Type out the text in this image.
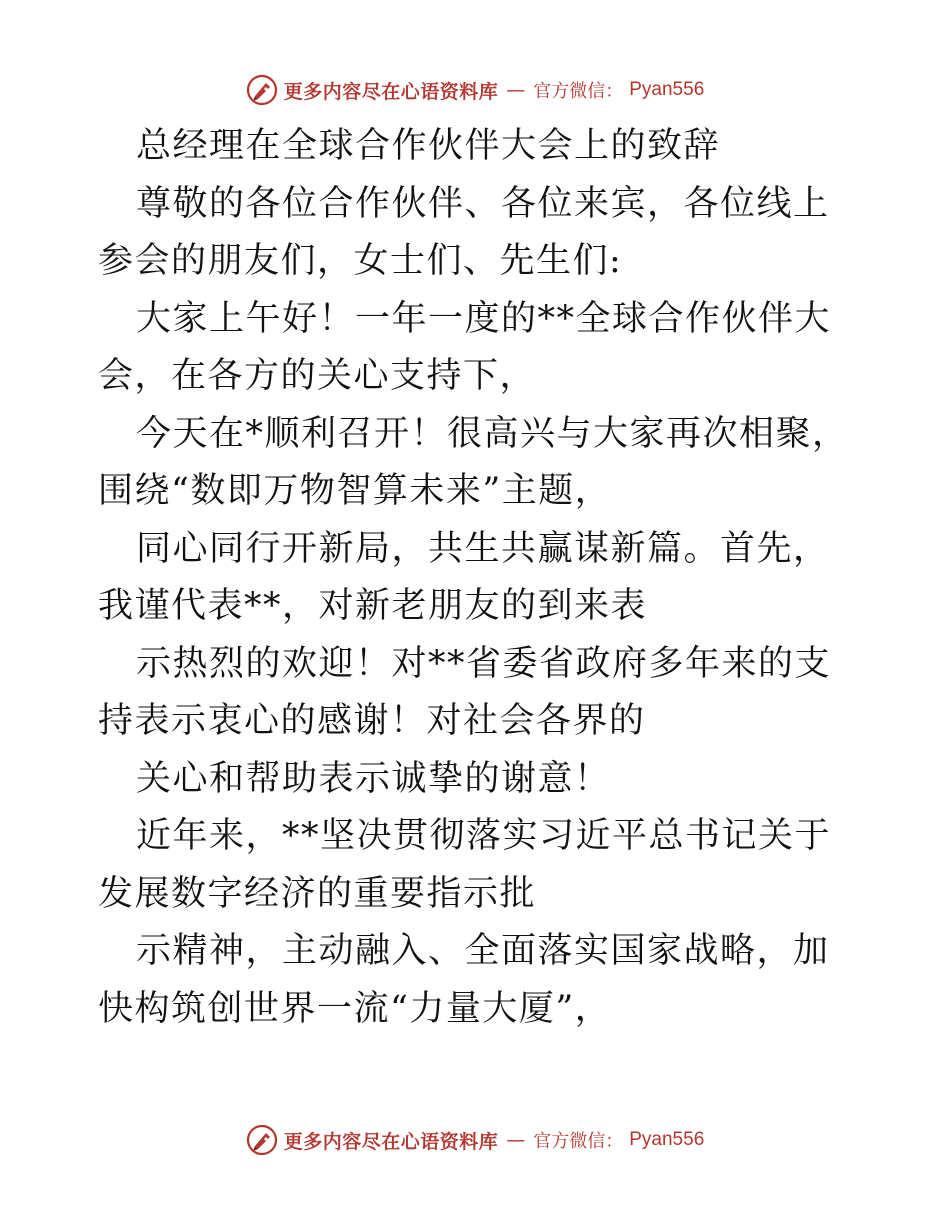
更多内容尽在心语资料库 — 官方微信： Pyan556

总经理在全球合作伙伴大会上的致辞

尊敬的各位合作伙伴、各位来宾，各位线上参会的朋友们，女士们、先生们:

大家上午好！一年一度的**全球合作伙伴大会，在各方的关心支持下，

今天在*顺利召开！很高兴与大家再次相聚，围绕“数即万物智算未来”主题，

同心同行开新局，共生共赢谋新篇。首先，我谨代表**，对新老朋友的到来表

示热烈的欢迎！对**省委省政府多年来的支持表示衷心的感谢！对社会各界的

关心和帮助表示诚挚的谢意！

近年来，**坚决贯彻落实习近平总书记关于发展数字经济的重要指示批

示精神，主动融入、全面落实国家战略，加快构筑创世界一流“力量大厦”，

更多内容尽在心语资料库 — 官方微信： Pyan556
